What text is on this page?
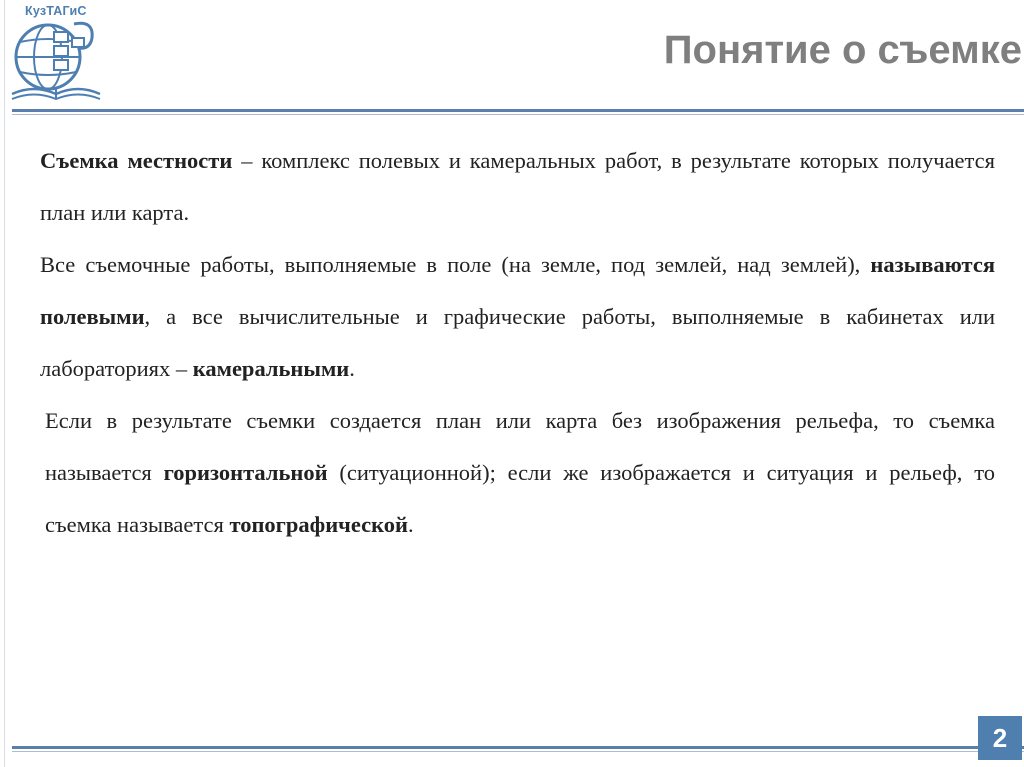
КузТАГиС
Понятие о съемке

Съемка местности – комплекс полевых и камеральных работ, в результате которых получается план или карта.

Все съемочные работы, выполняемые в поле (на земле, под землей, над землей), называются полевыми, а все вычислительные и графические работы, выполняемые в кабинетах или лабораториях – камеральными.

Если в результате съемки создается план или карта без изображения рельефа, то съемка называется горизонтальной (ситуационной); если же изображается и ситуация и рельеф, то съемка называется топографической.

2
